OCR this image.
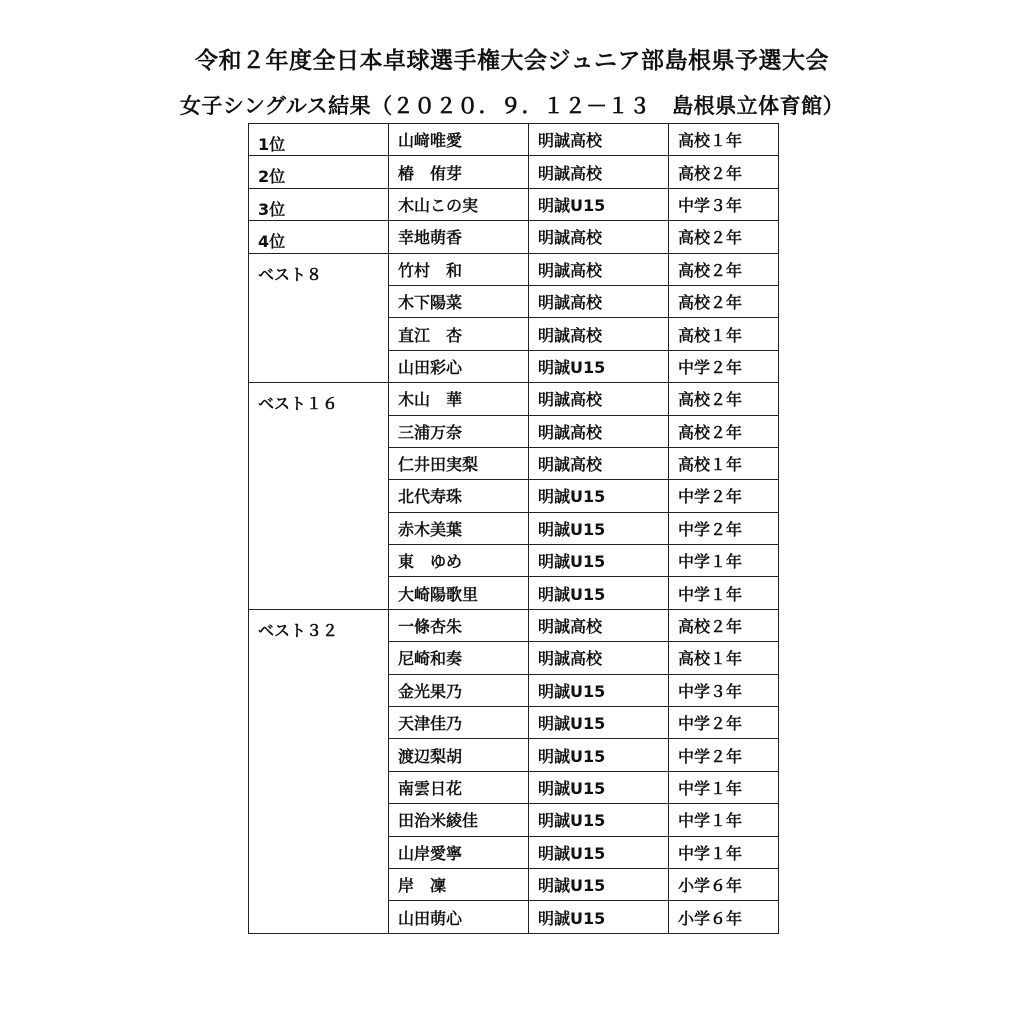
令和２年度全日本卓球選手権大会ジュニア部島根県予選大会
女子シングルス結果（２０２０．９．１２－１３　島根県立体育館）
1位	山﨑唯愛	明誠高校	高校１年
2位	椿　侑芽	明誠高校	高校２年
3位	木山この実	明誠U15	中学３年
4位	幸地萌香	明誠高校	高校２年
ベスト８	竹村　和	明誠高校	高校２年
	木下陽菜	明誠高校	高校２年
	直江　杏	明誠高校	高校１年
	山田彩心	明誠U15	中学２年
ベスト１６	木山　華	明誠高校	高校２年
	三浦万奈	明誠高校	高校２年
	仁井田実梨	明誠高校	高校１年
	北代寿珠	明誠U15	中学２年
	赤木美葉	明誠U15	中学２年
	東　ゆめ	明誠U15	中学１年
	大崎陽歌里	明誠U15	中学１年
ベスト３２	一條杏朱	明誠高校	高校２年
	尼崎和奏	明誠高校	高校１年
	金光果乃	明誠U15	中学３年
	天津佳乃	明誠U15	中学２年
	渡辺梨胡	明誠U15	中学２年
	南雲日花	明誠U15	中学１年
	田治米綾佳	明誠U15	中学１年
	山岸愛寧	明誠U15	中学１年
	岸　凜	明誠U15	小学６年
	山田萌心	明誠U15	小学６年
